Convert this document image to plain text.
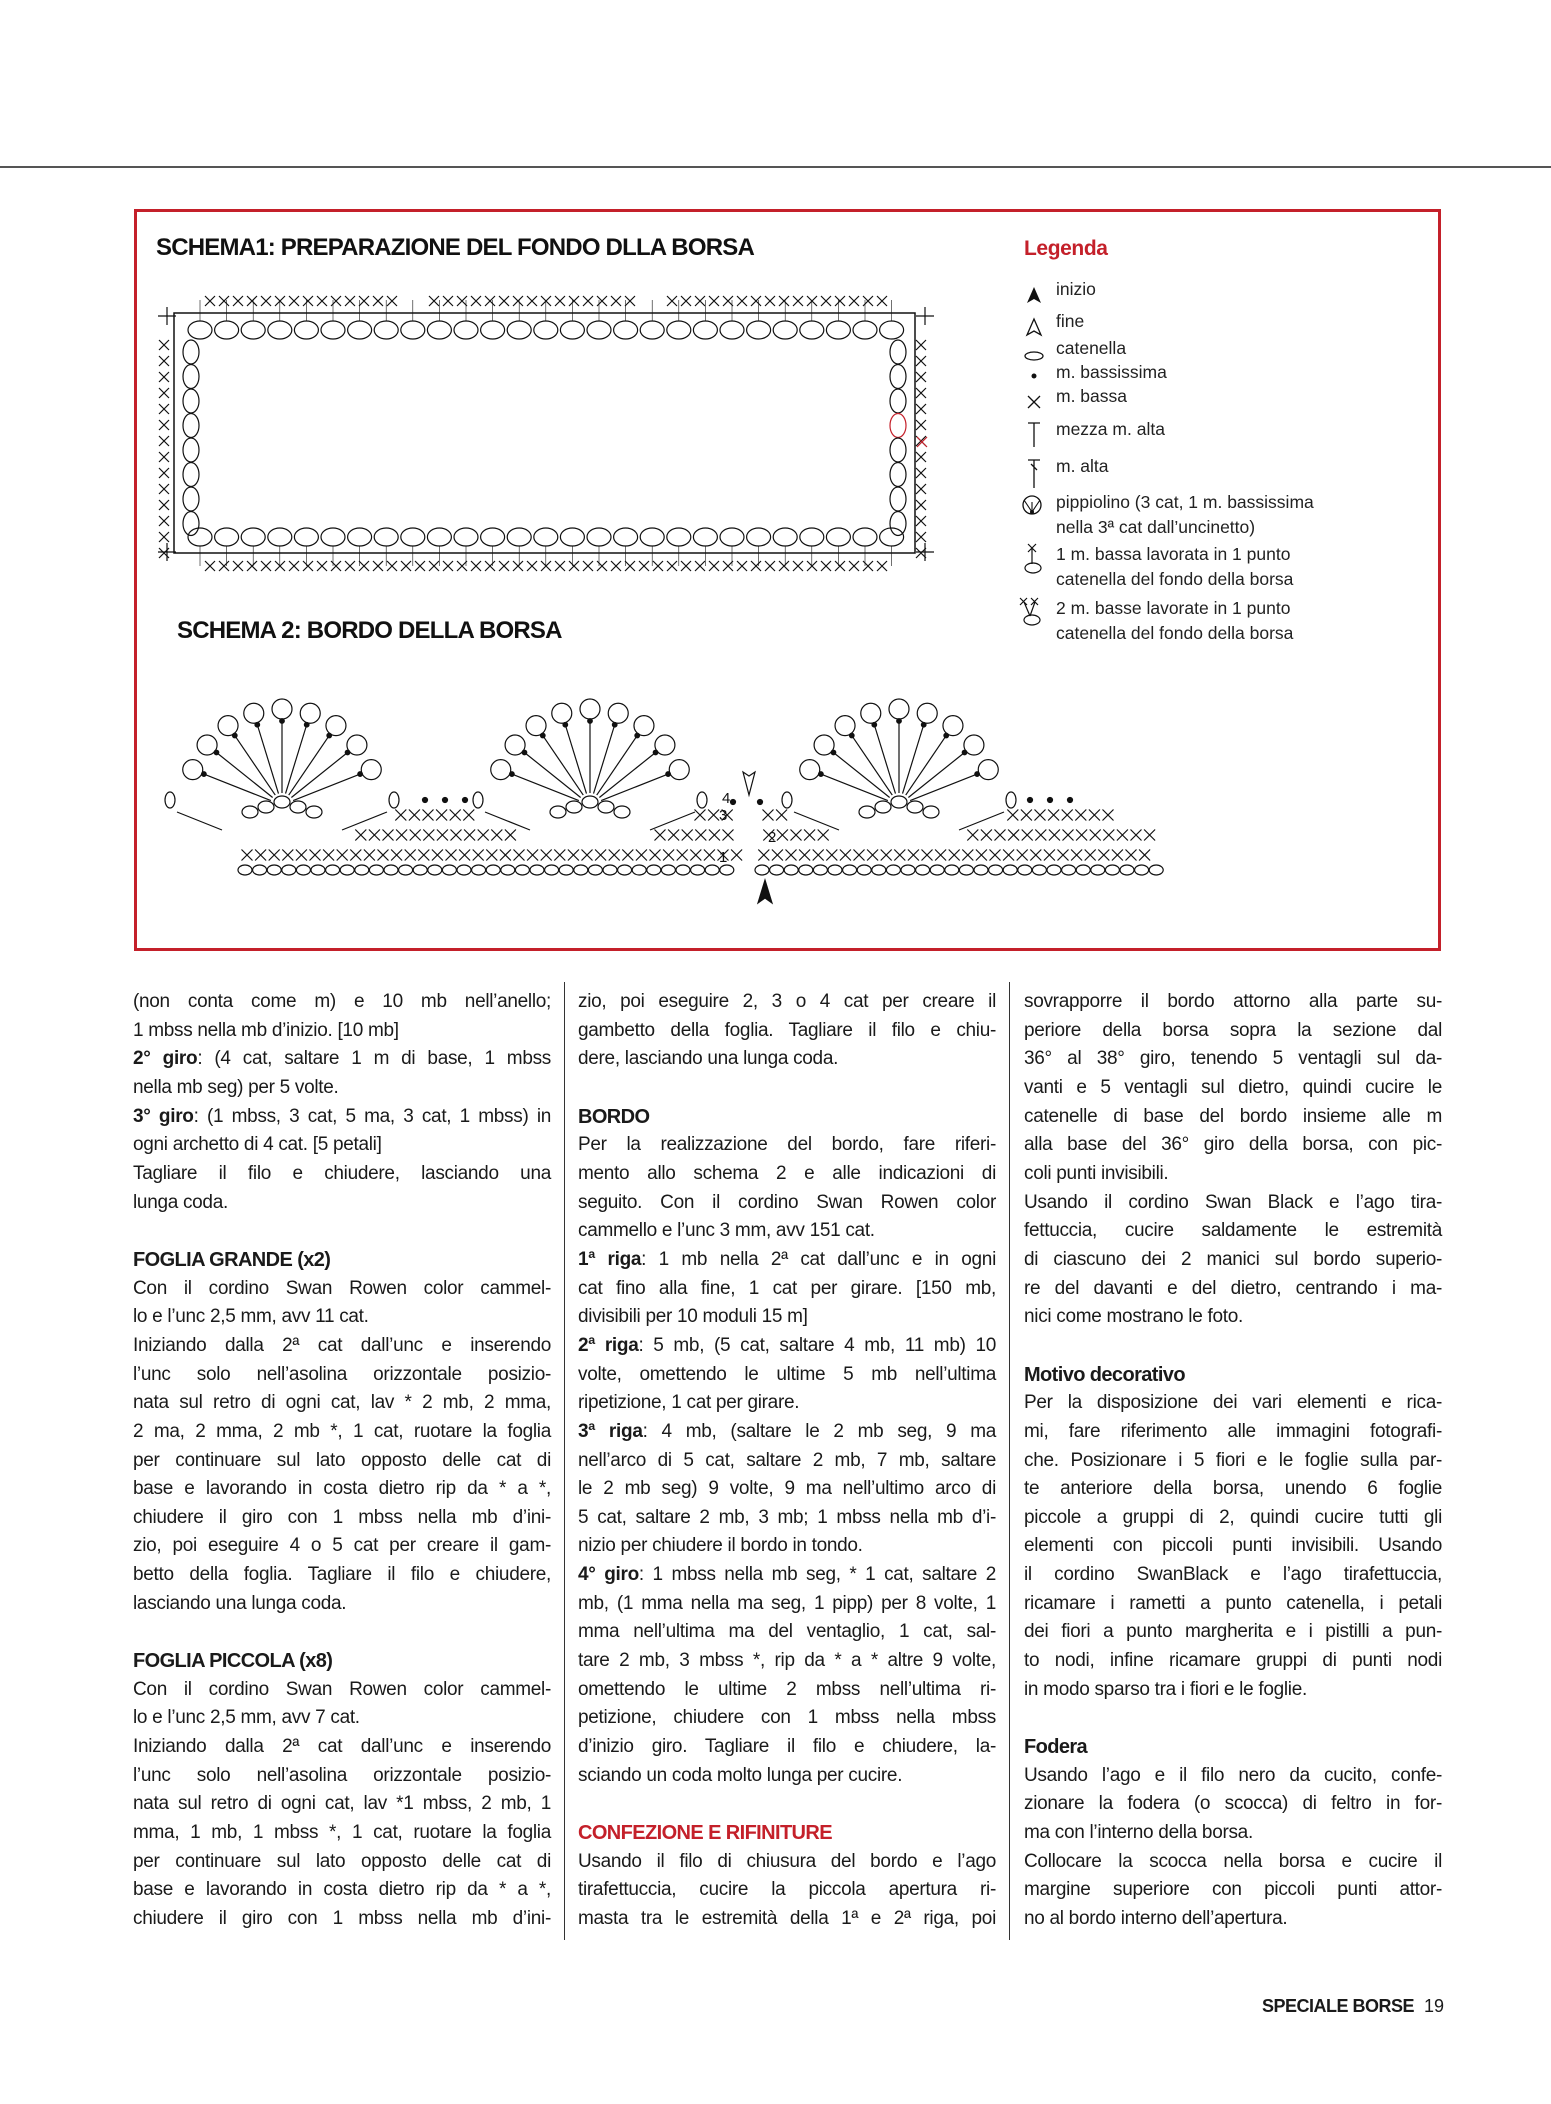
SCHEMA1: PREPARAZIONE DEL FONDO DLLA BORSA
SCHEMA 2: BORDO DELLA BORSA
Legenda
inizio
fine
catenella
m. bassissima
m. bassa
mezza m. alta
m. alta
pippiolino (3 cat, 1 m. bassissima
nella 3ª cat dall’uncinetto)
1 m. bassa lavorata in 1 punto
catenella del fondo della borsa
2 m. basse lavorate in 1 punto
catenella del fondo della borsa
1
2
3
4
(non conta come m) e 10 mb nell’anello;
1 mbss nella mb d’inizio. [10 mb]
2° giro: (4 cat, saltare 1 m di base, 1 mbss
nella mb seg) per 5 volte.
3° giro: (1 mbss, 3 cat, 5 ma, 3 cat, 1 mbss) in
ogni archetto di 4 cat. [5 petali]
Tagliare il filo e chiudere, lasciando una
lunga coda.
FOGLIA GRANDE (x2)
Con il cordino Swan Rowen color cammel-
lo e l’unc 2,5 mm, avv 11 cat.
Iniziando dalla 2ª cat dall’unc e inserendo
l’unc solo nell’asolina orizzontale posizio-
nata sul retro di ogni cat, lav * 2 mb, 2 mma,
2 ma, 2 mma, 2 mb *, 1 cat, ruotare la foglia
per continuare sul lato opposto delle cat di
base e lavorando in costa dietro rip da * a *,
chiudere il giro con 1 mbss nella mb d’ini-
zio, poi eseguire 4 o 5 cat per creare il gam-
betto della foglia. Tagliare il filo e chiudere,
lasciando una lunga coda.
FOGLIA PICCOLA (x8)
Con il cordino Swan Rowen color cammel-
lo e l’unc 2,5 mm, avv 7 cat.
Iniziando dalla 2ª cat dall’unc e inserendo
l’unc solo nell’asolina orizzontale posizio-
nata sul retro di ogni cat, lav *1 mbss, 2 mb, 1
mma, 1 mb, 1 mbss *, 1 cat, ruotare la foglia
per continuare sul lato opposto delle cat di
base e lavorando in costa dietro rip da * a *,
chiudere il giro con 1 mbss nella mb d’ini-
zio, poi eseguire 2, 3 o 4 cat per creare il
gambetto della foglia. Tagliare il filo e chiu-
dere, lasciando una lunga coda.
BORDO
Per la realizzazione del bordo, fare riferi-
mento allo schema 2 e alle indicazioni di
seguito. Con il cordino Swan Rowen color
cammello e l’unc 3 mm, avv 151 cat.
1ª riga: 1 mb nella 2ª cat dall’unc e in ogni
cat fino alla fine, 1 cat per girare. [150 mb,
divisibili per 10 moduli 15 m]
2ª riga: 5 mb, (5 cat, saltare 4 mb, 11 mb) 10
volte, omettendo le ultime 5 mb nell’ultima
ripetizione, 1 cat per girare.
3ª riga: 4 mb, (saltare le 2 mb seg, 9 ma
nell’arco di 5 cat, saltare 2 mb, 7 mb, saltare
le 2 mb seg) 9 volte, 9 ma nell’ultimo arco di
5 cat, saltare 2 mb, 3 mb; 1 mbss nella mb d’i-
nizio per chiudere il bordo in tondo.
4° giro: 1 mbss nella mb seg, * 1 cat, saltare 2
mb, (1 mma nella ma seg, 1 pipp) per 8 volte, 1
mma nell’ultima ma del ventaglio, 1 cat, sal-
tare 2 mb, 3 mbss *, rip da * a * altre 9 volte,
omettendo le ultime 2 mbss nell’ultima ri-
petizione, chiudere con 1 mbss nella mbss
d’inizio giro. Tagliare il filo e chiudere, la-
sciando un coda molto lunga per cucire.
CONFEZIONE E RIFINITURE
Usando il filo di chiusura del bordo e l’ago
tirafettuccia, cucire la piccola apertura ri-
masta tra le estremità della 1ª e 2ª riga, poi
sovrapporre il bordo attorno alla parte su-
periore della borsa sopra la sezione dal
36° al 38° giro, tenendo 5 ventagli sul da-
vanti e 5 ventagli sul dietro, quindi cucire le
catenelle di base del bordo insieme alle m
alla base del 36° giro della borsa, con pic-
coli punti invisibili.
Usando il cordino Swan Black e l’ago tira-
fettuccia, cucire saldamente le estremità
di ciascuno dei 2 manici sul bordo superio-
re del davanti e del dietro, centrando i ma-
nici come mostrano le foto.
Motivo decorativo
Per la disposizione dei vari elementi e rica-
mi, fare riferimento alle immagini fotografi-
che. Posizionare i 5 fiori e le foglie sulla par-
te anteriore della borsa, unendo 6 foglie
piccole a gruppi di 2, quindi cucire tutti gli
elementi con piccoli punti invisibili. Usando
il cordino SwanBlack e l’ago tirafettuccia,
ricamare i rametti a punto catenella, i petali
dei fiori a punto margherita e i pistilli a pun-
to nodi, infine ricamare gruppi di punti nodi
in modo sparso tra i fiori e le foglie.
Fodera
Usando l’ago e il filo nero da cucito, confe-
zionare la fodera (o scocca) di feltro in for-
ma con l’interno della borsa.
Collocare la scocca nella borsa e cucire il
margine superiore con piccoli punti attor-
no al bordo interno dell’apertura.
SPECIALE BORSE 19
